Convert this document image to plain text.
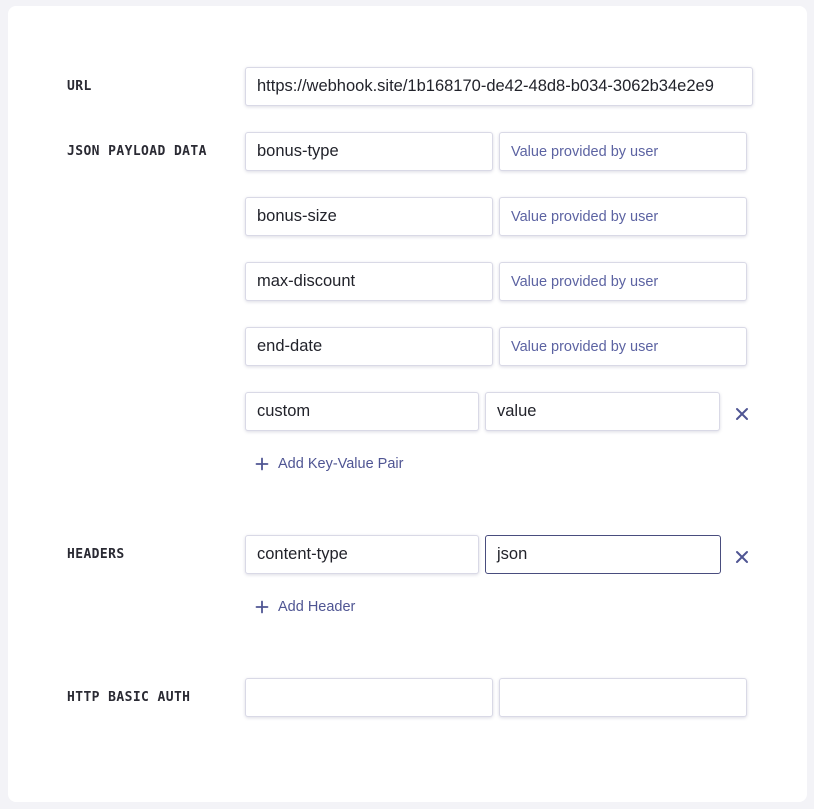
URL	https://webhook.site/1b168170-de42-48d8-b034-3062b34e2e9
JSON PAYLOAD DATA	bonus-type	Value provided by user
bonus-size	Value provided by user
max-discount	Value provided by user
end-date	Value provided by user
custom	value
Add Key-Value Pair
HEADERS	content-type	json
Add Header
HTTP BASIC AUTH
